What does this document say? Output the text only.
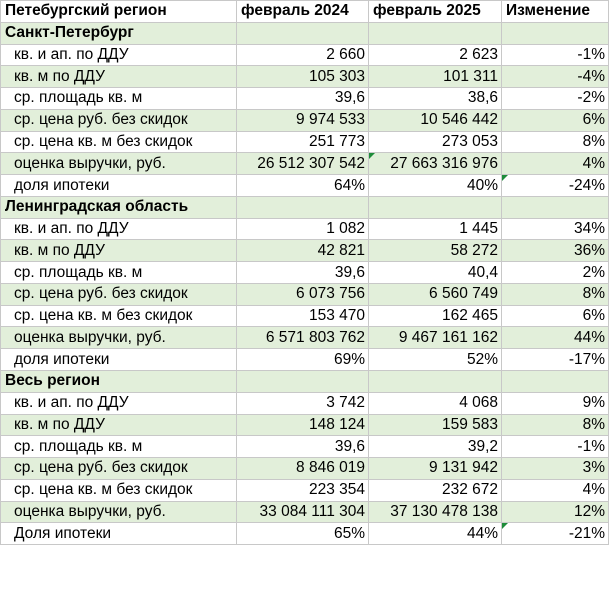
Петебургский регион	февраль 2024	февраль 2025	Изменение
Санкт-Петербург			
кв. и ап. по ДДУ	2 660	2 623	-1%
кв. м по ДДУ	105 303	101 311	-4%
ср. площадь кв. м	39,6	38,6	-2%
ср. цена руб. без скидок	9 974 533	10 546 442	6%
ср. цена кв. м без скидок	251 773	273 053	8%
оценка выручки, руб.	26 512 307 542	27 663 316 976	4%
доля ипотеки	64%	40%	-24%
Ленинградская область			
кв. и ап. по ДДУ	1 082	1 445	34%
кв. м по ДДУ	42 821	58 272	36%
ср. площадь кв. м	39,6	40,4	2%
ср. цена руб. без скидок	6 073 756	6 560 749	8%
ср. цена кв. м без скидок	153 470	162 465	6%
оценка выручки, руб.	6 571 803 762	9 467 161 162	44%
доля ипотеки	69%	52%	-17%
Весь регион			
кв. и ап. по ДДУ	3 742	4 068	9%
кв. м по ДДУ	148 124	159 583	8%
ср. площадь кв. м	39,6	39,2	-1%
ср. цена руб. без скидок	8 846 019	9 131 942	3%
ср. цена кв. м без скидок	223 354	232 672	4%
оценка выручки, руб.	33 084 111 304	37 130 478 138	12%
Доля ипотеки	65%	44%	-21%
